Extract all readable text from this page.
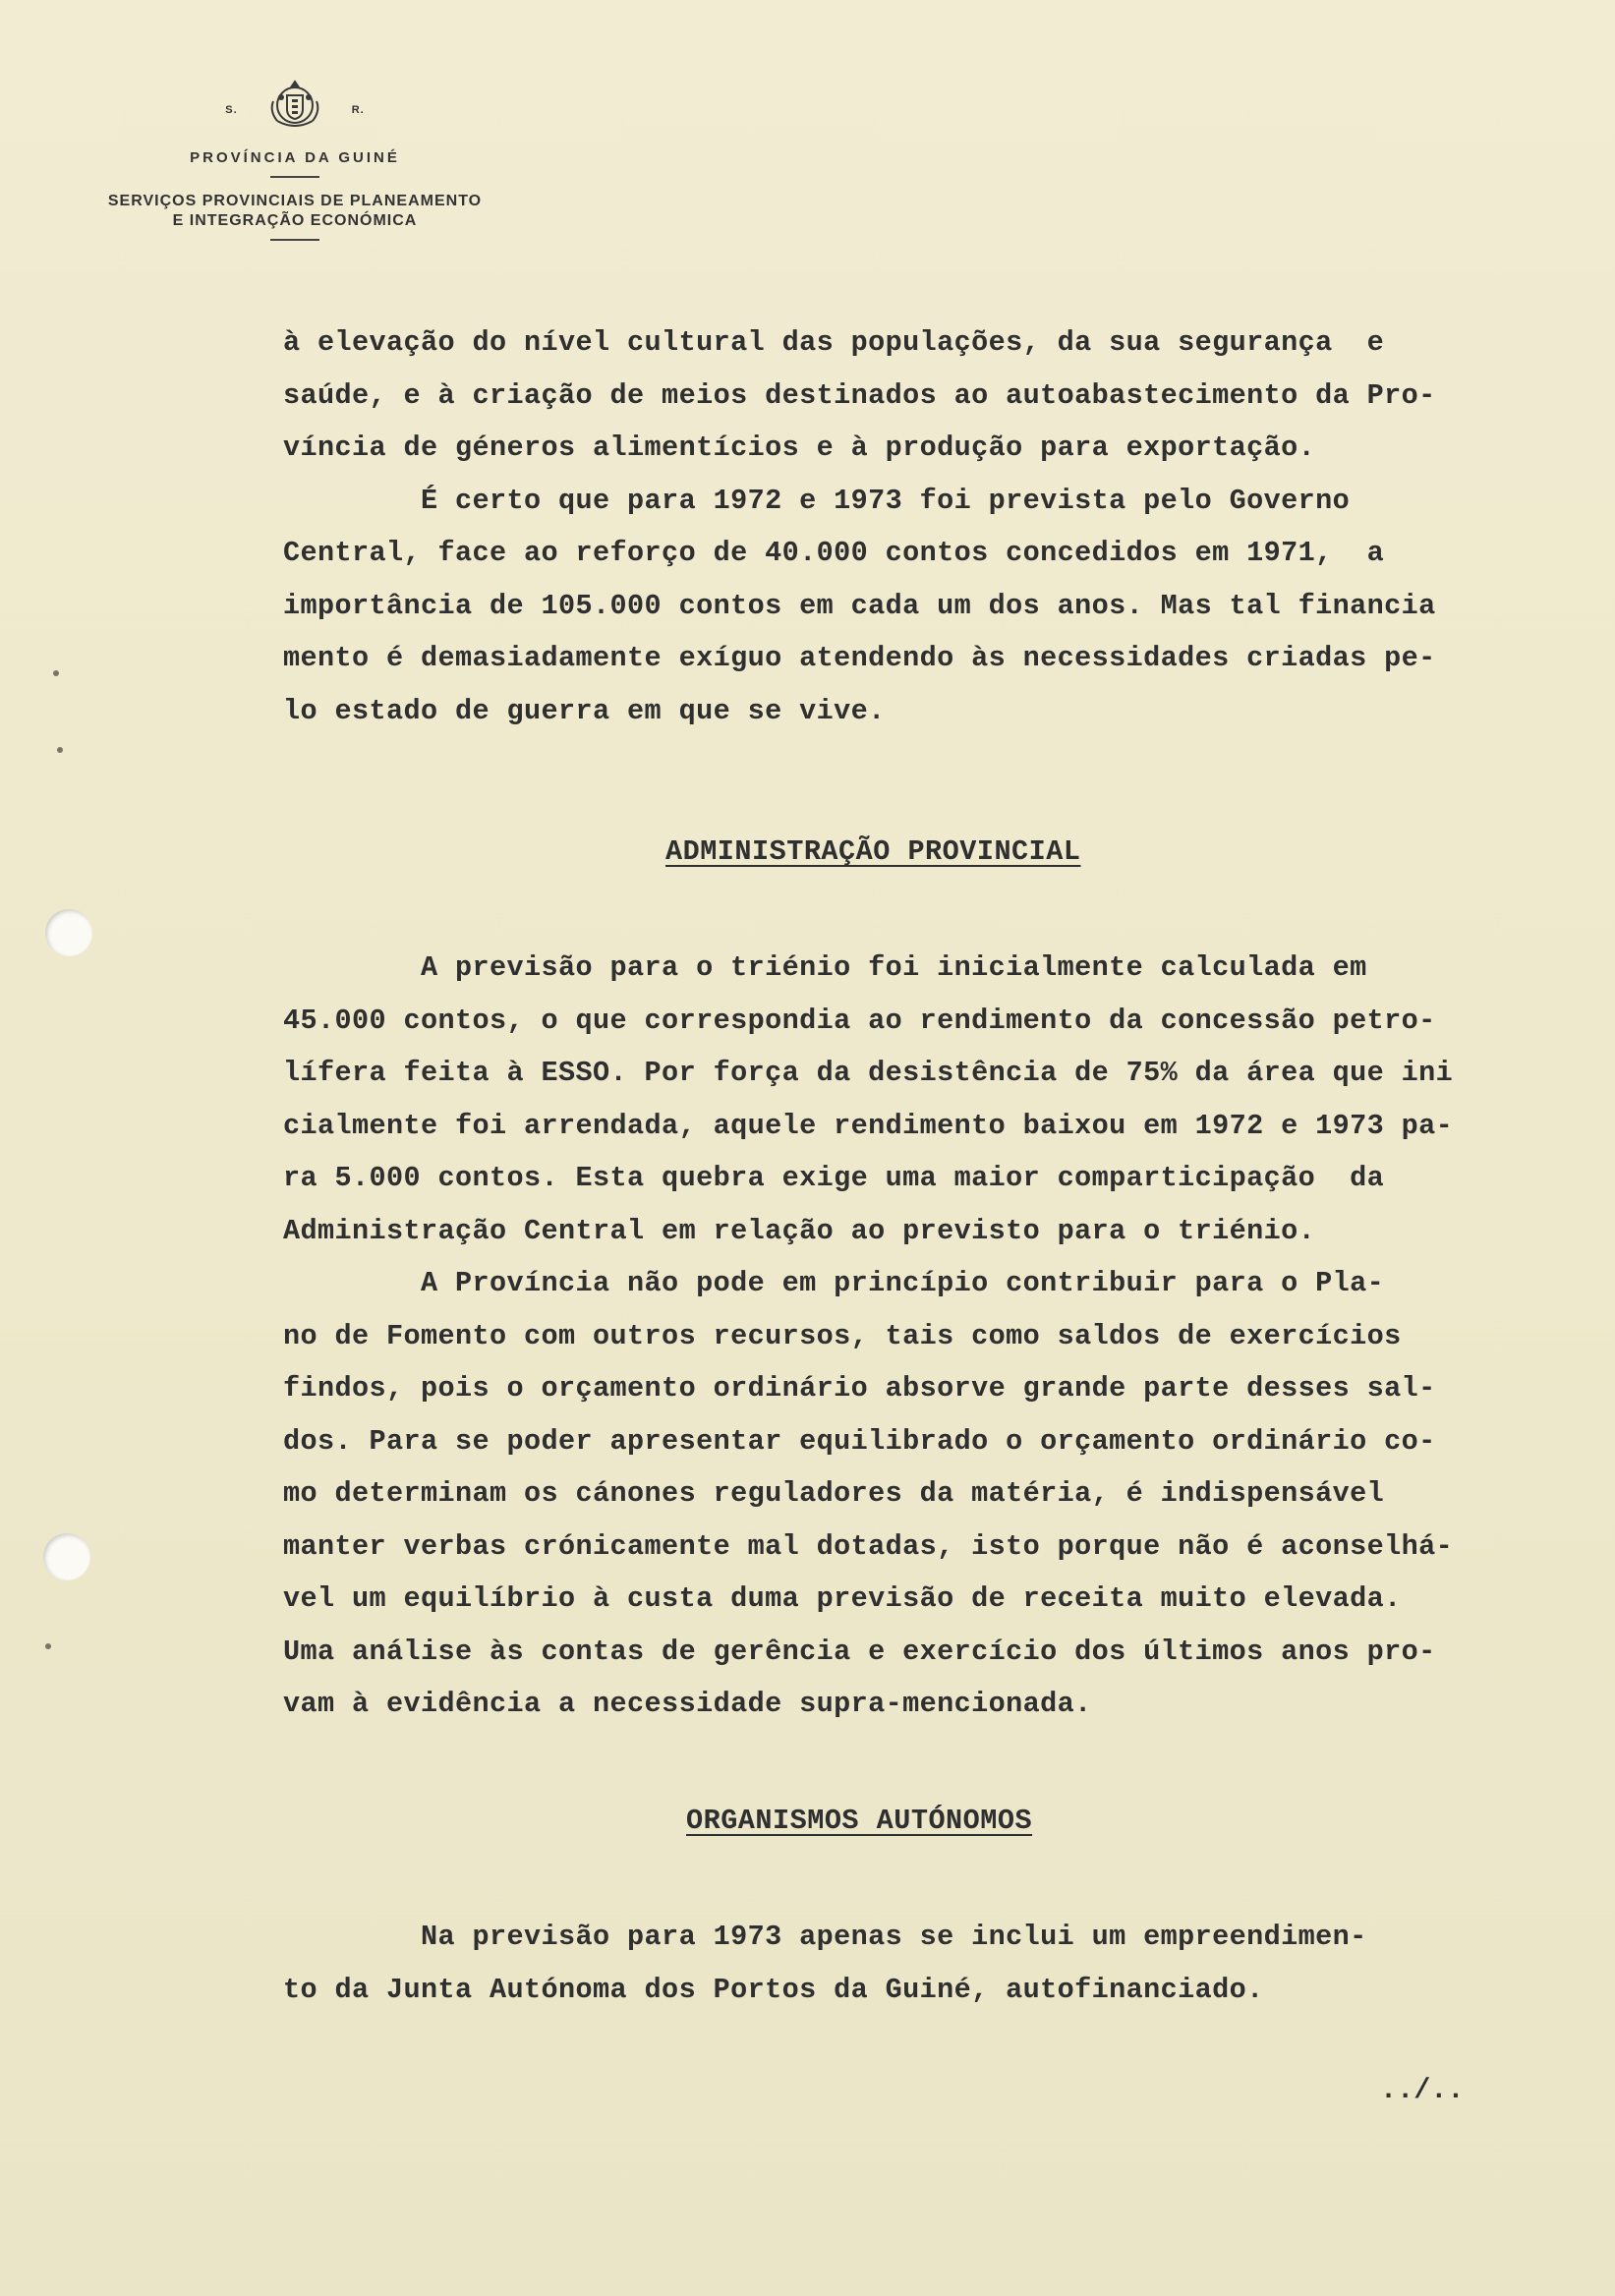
S.	R.
PROVÍNCIA DA GUINÉ
SERVIÇOS PROVINCIAIS DE PLANEAMENTO
E INTEGRAÇÃO ECONÓMICA
à elevação do nível cultural das populações, da sua segurança  e
saúde, e à criação de meios destinados ao autoabastecimento da Pro-
víncia de géneros alimentícios e à produção para exportação.
É certo que para 1972 e 1973 foi prevista pelo Governo
Central, face ao reforço de 40.000 contos concedidos em 1971,  a
importância de 105.000 contos em cada um dos anos. Mas tal financia
mento é demasiadamente exíguo atendendo às necessidades criadas pe-
lo estado de guerra em que se vive.
ADMINISTRAÇÃO PROVINCIAL
A previsão para o triénio foi inicialmente calculada em
45.000 contos, o que correspondia ao rendimento da concessão petro-
lífera feita à ESSO. Por força da desistência de 75% da área que ini
cialmente foi arrendada, aquele rendimento baixou em 1972 e 1973 pa-
ra 5.000 contos. Esta quebra exige uma maior comparticipação  da
Administração Central em relação ao previsto para o triénio.
A Província não pode em princípio contribuir para o Pla-
no de Fomento com outros recursos, tais como saldos de exercícios
findos, pois o orçamento ordinário absorve grande parte desses sal-
dos. Para se poder apresentar equilibrado o orçamento ordinário co-
mo determinam os cánones reguladores da matéria, é indispensável
manter verbas crónicamente mal dotadas, isto porque não é aconselhá-
vel um equilíbrio à custa duma previsão de receita muito elevada.
Uma análise às contas de gerência e exercício dos últimos anos pro-
vam à evidência a necessidade supra-mencionada.
ORGANISMOS AUTÓNOMOS
Na previsão para 1973 apenas se inclui um empreendimen-
to da Junta Autónoma dos Portos da Guiné, autofinanciado.
../..
